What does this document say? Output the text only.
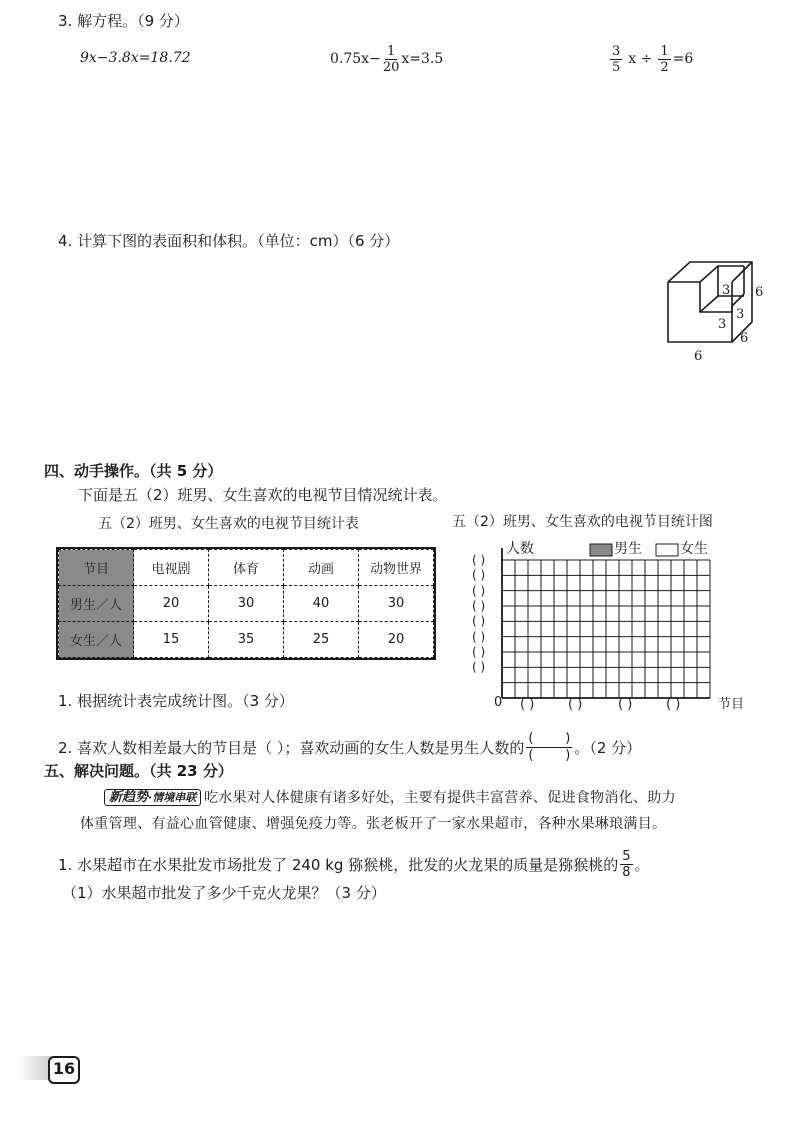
3. 解方程。（9 分）
9x−3.8x=18.72	$0.75x- \frac{1}{20} x=3.5$	$\frac{3}{5}$ $x \div \frac{1}{2} =6$
4. 计算下图的表面积和体积。（单位：cm）（6 分）
3 6
3
3
6
6
四、动手操作。（共 5 分）
下面是五（2）班男、女生喜欢的电视节目情况统计表。
五（2）班男、女生喜欢的电视节目统计表	五（2）班男、女生喜欢的电视节目统计图
节目	电视剧	体育	动画	动物世界
男生／人	20	30	40	30
女生／人	15	35	25	20
人数	男生	女生
( )
( )
( )
( )
( )
( )
( )
( )
0 ( )	( )	( )	( )	节目
1. 根据统计表完成统计图。（3 分）
2. 喜欢人数相差最大的节目是（ ）；喜欢动画的女生人数是男生人数的 $\frac{( )}{( )}$ 。（2 分）
五、解决问题。（共 23 分）
新趋势·情境串联 吃水果对人体健康有诸多好处，主要有提供丰富营养、促进食物消化、助力
体重管理、有益心血管健康、增强免疫力等。张老板开了一家水果超市，各种水果琳琅满目。
1. 水果超市在水果批发市场批发了 240 kg 猕猴桃，批发的火龙果的质量是猕猴桃的 $\frac{5}{8}$ 。
（1）水果超市批发了多少千克火龙果？（3 分）
16
